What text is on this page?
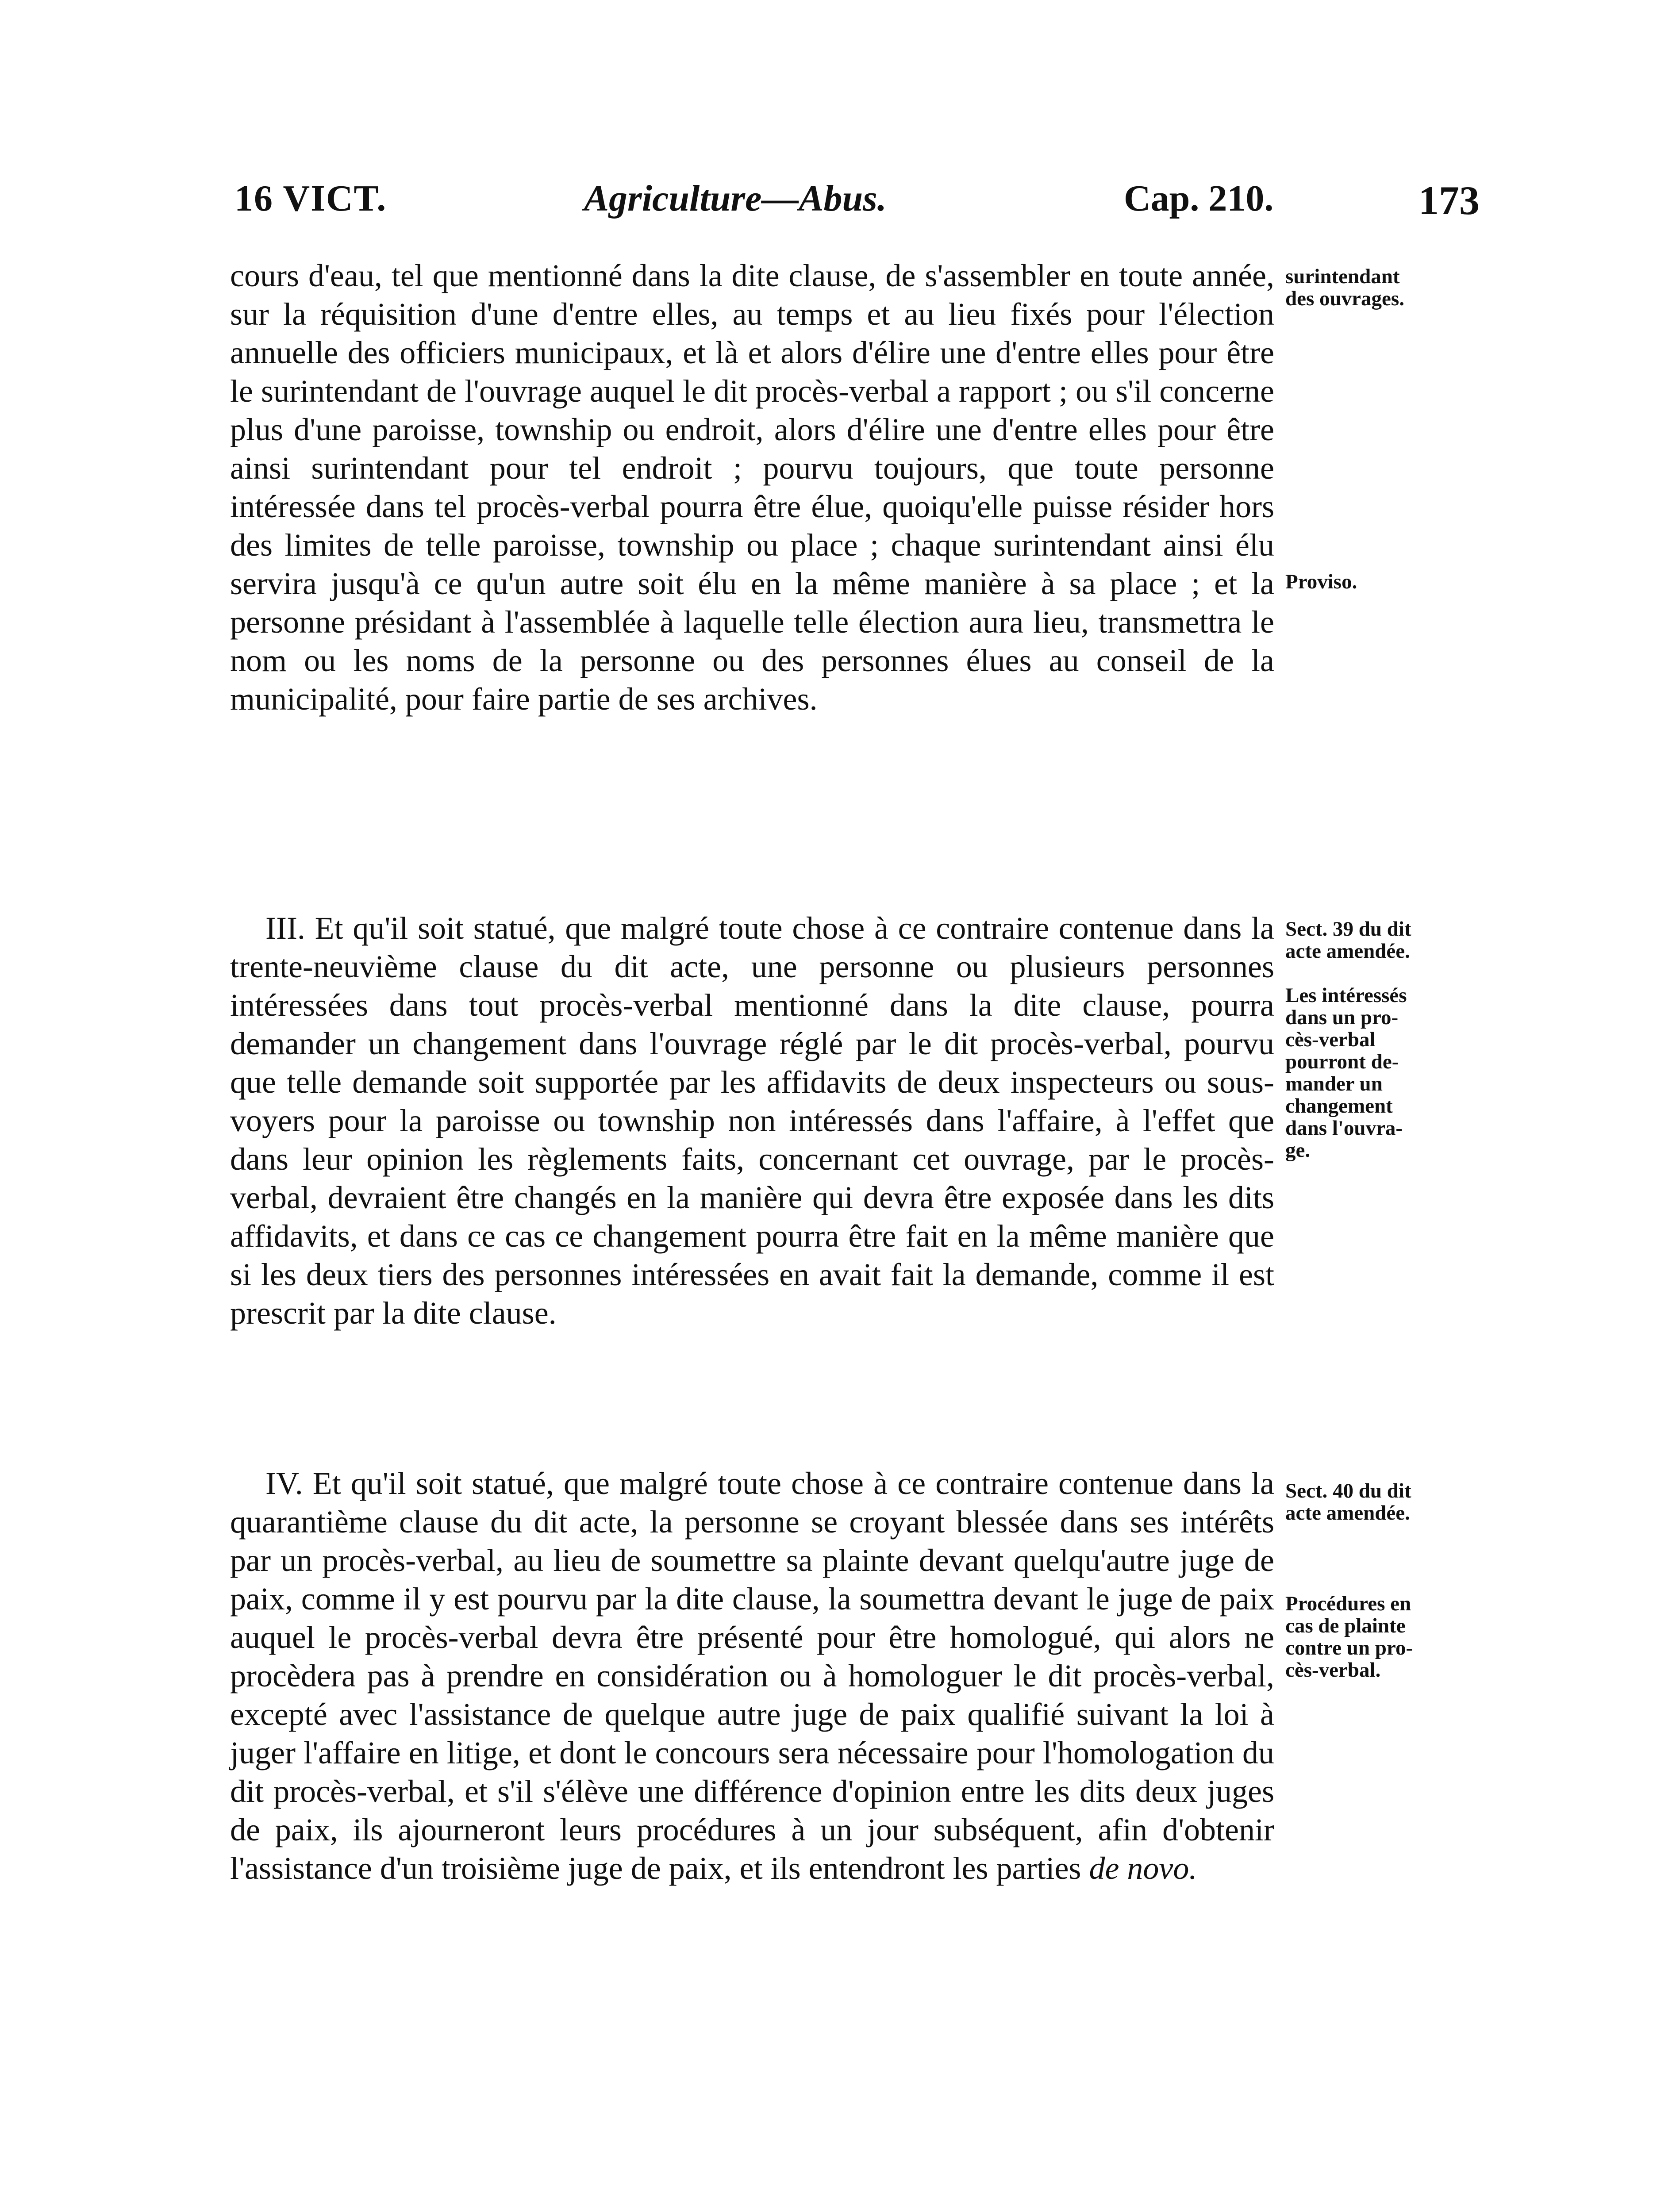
16 VICT.	Agriculture—Abus.	Cap. 210.	173
cours d'eau, tel que mentionné dans la dite clause, de s'assembler en toute année, sur la réquisition d'une d'entre elles, au temps et au lieu fixés pour l'élection annuelle des officiers municipaux, et là et alors d'élire une d'entre elles pour être le surintendant de l'ouvrage auquel le dit procès-verbal a rapport ; ou s'il concerne plus d'une paroisse, township ou endroit, alors d'élire une d'entre elles pour être ainsi surintendant pour tel endroit ; pourvu toujours, que toute personne intéressée dans tel procès-verbal pourra être élue, quoiqu'elle puisse résider hors des limites de telle paroisse, township ou place ; chaque surintendant ainsi élu servira jusqu'à ce qu'un autre soit élu en la même manière à sa place ; et la personne présidant à l'assemblée à laquelle telle élection aura lieu, transmettra le nom ou les noms de la personne ou des personnes élues au conseil de la municipalité, pour faire partie de ses archives.
III. Et qu'il soit statué, que malgré toute chose à ce contraire contenue dans la trente-neuvième clause du dit acte, une personne ou plusieurs personnes intéressées dans tout procès-verbal mentionné dans la dite clause, pourra demander un changement dans l'ouvrage réglé par le dit procès-verbal, pourvu que telle demande soit supportée par les affidavits de deux inspecteurs ou sous-voyers pour la paroisse ou township non intéressés dans l'affaire, à l'effet que dans leur opinion les règlements faits, concernant cet ouvrage, par le procès-verbal, devraient être changés en la manière qui devra être exposée dans les dits affidavits, et dans ce cas ce changement pourra être fait en la même manière que si les deux tiers des personnes intéressées en avait fait la demande, comme il est prescrit par la dite clause.
IV. Et qu'il soit statué, que malgré toute chose à ce contraire contenue dans la quarantième clause du dit acte, la personne se croyant blessée dans ses intérêts par un procès-verbal, au lieu de soumettre sa plainte devant quelqu'autre juge de paix, comme il y est pourvu par la dite clause, la soumettra devant le juge de paix auquel le procès-verbal devra être présenté pour être homologué, qui alors ne procèdera pas à prendre en considération ou à homologuer le dit procès-verbal, excepté avec l'assistance de quelque autre juge de paix qualifié suivant la loi à juger l'affaire en litige, et dont le concours sera nécessaire pour l'homologation du dit procès-verbal, et s'il s'élève une différence d'opinion entre les dits deux juges de paix, ils ajourneront leurs procédures à un jour subséquent, afin d'obtenir l'assistance d'un troisième juge de paix, et ils entendront les parties de novo.
surintendant
des ouvrages.
Proviso.
Sect. 39 du dit
acte amendée.

Les intéressés
dans un pro-
cès-verbal
pourront de-
mander un
changement
dans l'ouvra-
ge.
Sect. 40 du dit
acte amendée.
Procédures en
cas de plainte
contre un pro-
cès-verbal.
